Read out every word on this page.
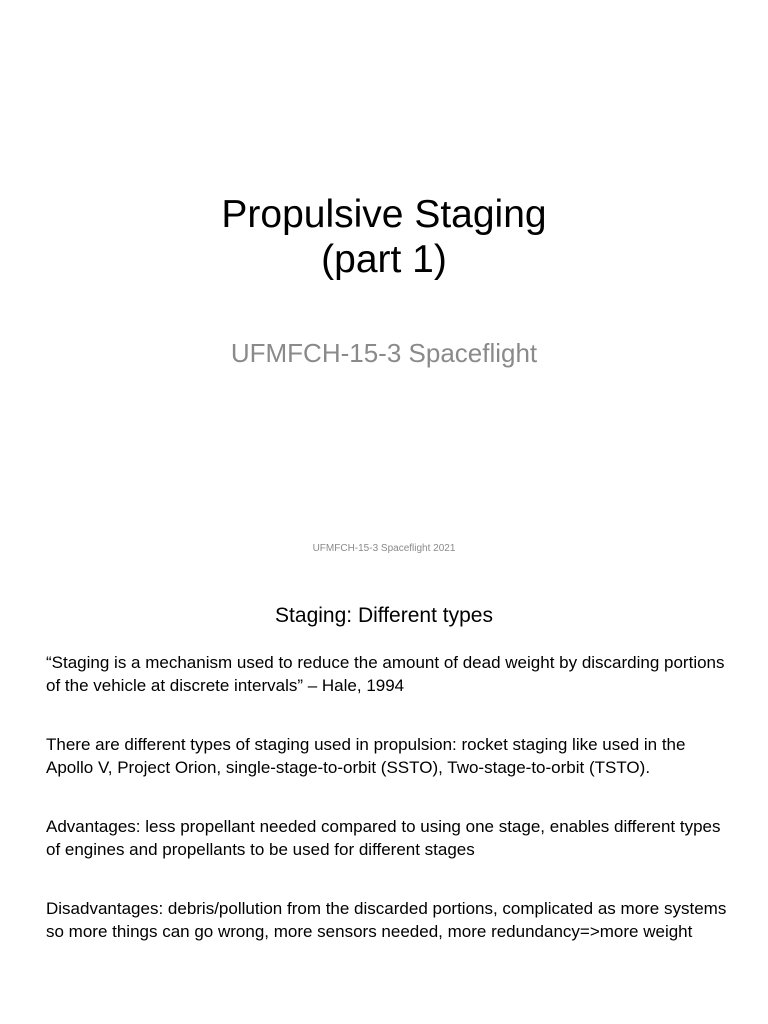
Propulsive Staging
(part 1)
UFMFCH-15-3 Spaceflight
UFMFCH-15-3 Spaceflight 2021
Staging: Different types

“Staging is a mechanism used to reduce the amount of dead weight by discarding portions of the vehicle at discrete intervals” – Hale, 1994

There are different types of staging used in propulsion: rocket staging like used in the Apollo V, Project Orion, single-stage-to-orbit (SSTO), Two-stage-to-orbit (TSTO).

Advantages: less propellant needed compared to using one stage, enables different types of engines and propellants to be used for different stages

Disadvantages: debris/pollution from the discarded portions, complicated as more systems so more things can go wrong, more sensors needed, more redundancy=>more weight
